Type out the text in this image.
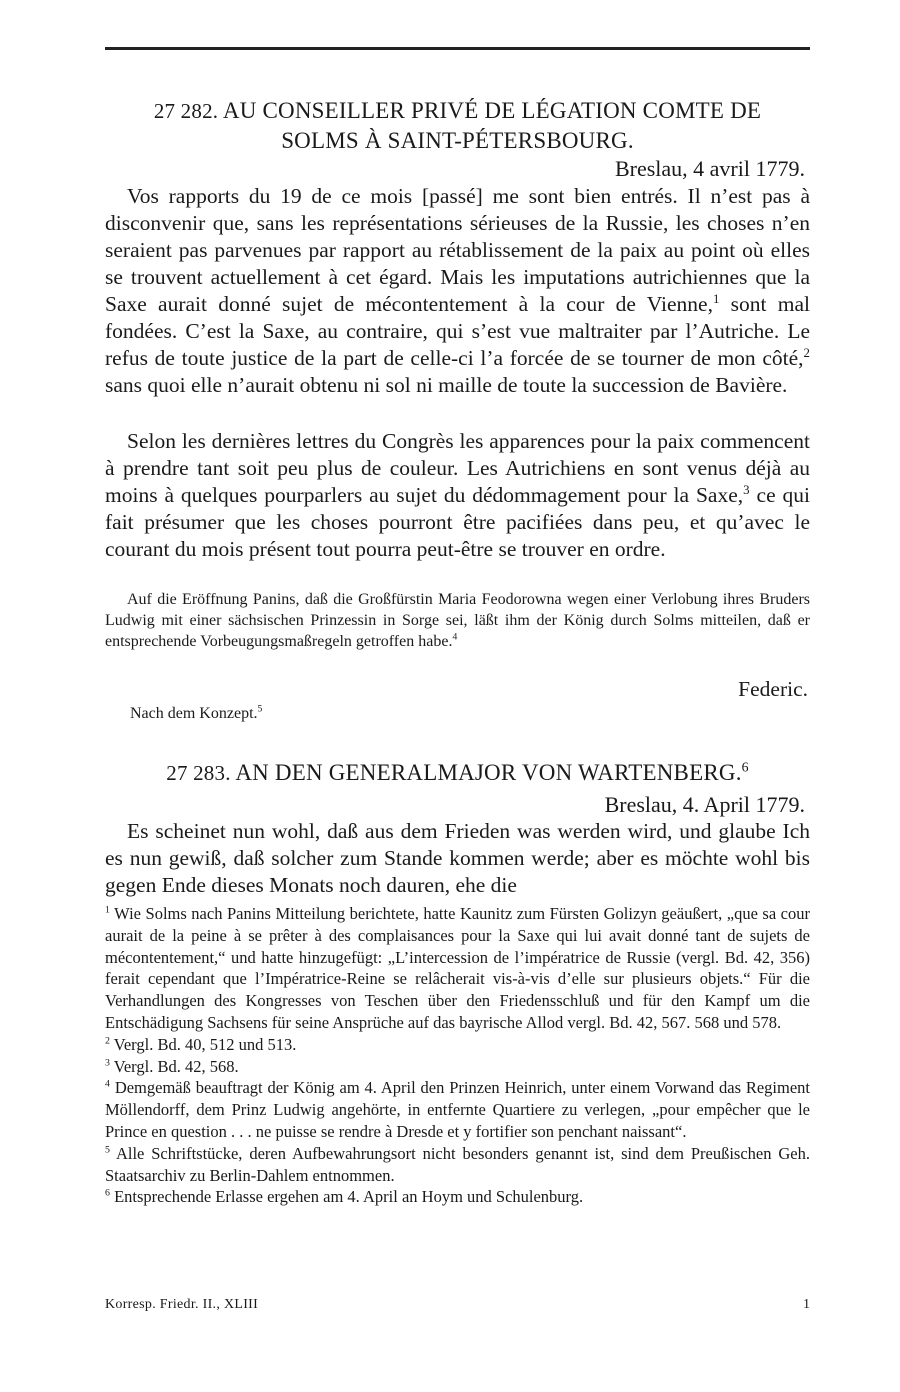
27 282. AU CONSEILLER PRIVÉ DE LÉGATION COMTE DE
SOLMS À SAINT-PÉTERSBOURG.
Breslau, 4 avril 1779.

Vos rapports du 19 de ce mois [passé] me sont bien entrés. Il n’est pas à disconvenir que, sans les représentations sérieuses de la Russie, les choses n’en seraient pas parvenues par rapport au rétablissement de la paix au point où elles se trouvent actuellement à cet égard. Mais les imputations autrichiennes que la Saxe aurait donné sujet de mécontentement à la cour de Vienne,$^1$ sont mal fondées. C’est la Saxe, au contraire, qui s’est vue maltraiter par l’Autriche. Le refus de toute justice de la part de celle-ci l’a forcée de se tourner de mon côté,$^2$ sans quoi elle n’aurait obtenu ni sol ni maille de toute la succession de Bavière.

Selon les dernières lettres du Congrès les apparences pour la paix commencent à prendre tant soit peu plus de couleur. Les Autrichiens en sont venus déjà au moins à quelques pourparlers au sujet du dédommagement pour la Saxe,$^3$ ce qui fait présumer que les choses pourront être pacifiées dans peu, et qu’avec le courant du mois présent tout pourra peut-être se trouver en ordre.

Auf die Eröffnung Panins, daß die Großfürstin Maria Feodorowna wegen einer Verlobung ihres Bruders Ludwig mit einer sächsischen Prinzessin in Sorge sei, läßt ihm der König durch Solms mitteilen, daß er entsprechende Vorbeugungsmaßregeln getroffen habe.$^4$

Federic.
Nach dem Konzept.$^5$
27 283. AN DEN GENERALMAJOR VON WARTENBERG.$^6$
Breslau, 4. April 1779.

Es scheinet nun wohl, daß aus dem Frieden was werden wird, und glaube Ich es nun gewiß, daß solcher zum Stande kommen werde; aber es möchte wohl bis gegen Ende dieses Monats noch dauren, ehe die

$^1$ Wie Solms nach Panins Mitteilung berichtete, hatte Kaunitz zum Fürsten Golizyn geäußert, „que sa cour aurait de la peine à se prêter à des complaisances pour la Saxe qui lui avait donné tant de sujets de mécontentement,“ und hatte hinzugefügt: „L’intercession de l’impératrice de Russie (vergl. Bd. 42, 356) ferait cependant que l’Impératrice-Reine se relâcherait vis-à-vis d’elle sur plusieurs objets.“ Für die Verhandlungen des Kongresses von Teschen über den Friedensschluß und für den Kampf um die Entschädigung Sachsens für seine Ansprüche auf das bayrische Allod vergl. Bd. 42, 567. 568 und 578.

$^2$ Vergl. Bd. 40, 512 und 513.

$^3$ Vergl. Bd. 42, 568.

$^4$ Demgemäß beauftragt der König am 4. April den Prinzen Heinrich, unter einem Vorwand das Regiment Möllendorff, dem Prinz Ludwig angehörte, in entfernte Quartiere zu verlegen, „pour empêcher que le Prince en question . . . ne puisse se rendre à Dresde et y fortifier son penchant naissant“.

$^5$ Alle Schriftstücke, deren Aufbewahrungsort nicht besonders genannt ist, sind dem Preußischen Geh. Staatsarchiv zu Berlin-Dahlem entnommen.

$^6$ Entsprechende Erlasse ergehen am 4. April an Hoym und Schulenburg.

Korresp. Friedr. II., XLIII	1
